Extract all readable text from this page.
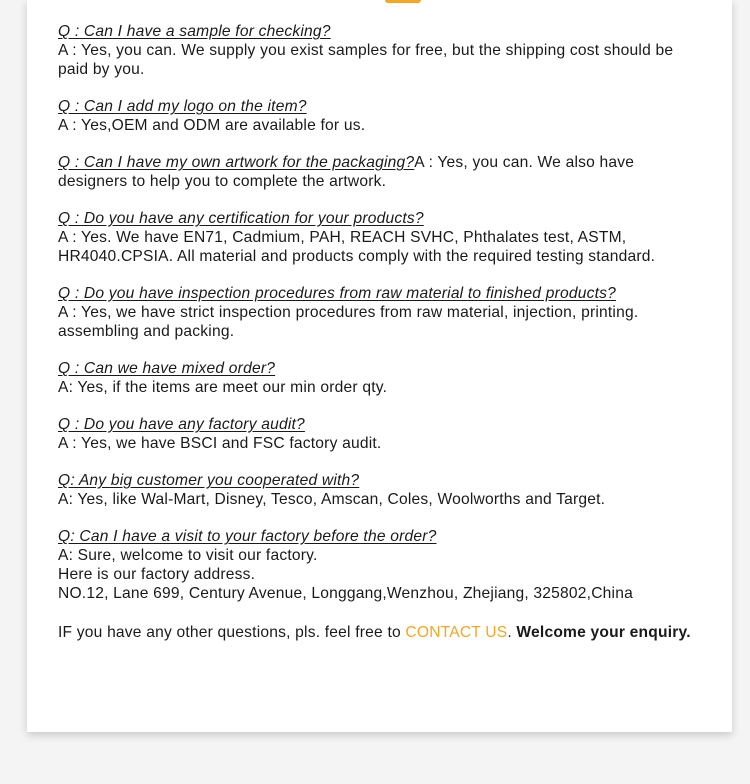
Q : Can I have a sample for checking?
A : Yes, you can. We supply you exist samples for free, but the shipping cost should be paid by you.
Q : Can I add my logo on the item?
A : Yes,OEM and ODM are available for us.
Q : Can I have my own artwork for the packaging?A : Yes, you can. We also have designers to help you to complete the artwork.
Q : Do you have any certification for your products?
A : Yes. We have EN71, Cadmium, PAH, REACH SVHC, Phthalates test, ASTM, HR4040.CPSIA. All material and products comply with the required testing standard.
Q : Do you have inspection procedures from raw material to finished products?
A : Yes, we have strict inspection procedures from raw material, injection, printing. assembling and packing.
Q : Can we have mixed order?
A: Yes, if the items are meet our min order qty.
Q : Do you have any factory audit?
A : Yes, we have BSCI and FSC factory audit.
Q: Any big customer you cooperated with?
A: Yes, like Wal-Mart, Disney, Tesco, Amscan, Coles, Woolworths and Target.
Q: Can I have a visit to your factory before the order?
A: Sure, welcome to visit our factory.
Here is our factory address.
NO.12, Lane 699, Century Avenue, Longgang,Wenzhou, Zhejiang, 325802,China
IF you have any other questions, pls. feel free to CONTACT US. Welcome your enquiry.
